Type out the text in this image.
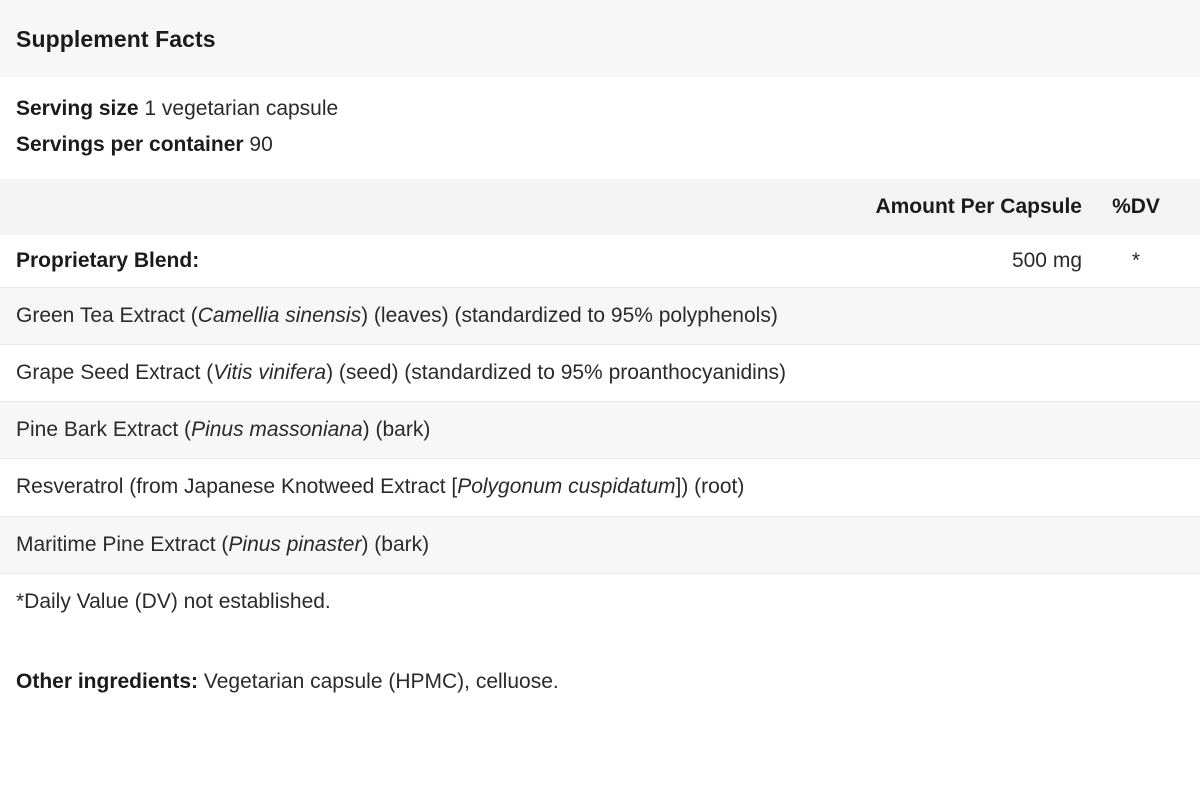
Supplement Facts
Serving size 1 vegetarian capsule
Servings per container 90
Amount Per Capsule	%DV
Proprietary Blend:	500 mg	*
Green Tea Extract (Camellia sinensis) (leaves) (standardized to 95% polyphenols)
Grape Seed Extract (Vitis vinifera) (seed) (standardized to 95% proanthocyanidins)
Pine Bark Extract (Pinus massoniana) (bark)
Resveratrol (from Japanese Knotweed Extract [Polygonum cuspidatum]) (root)
Maritime Pine Extract (Pinus pinaster) (bark)
*Daily Value (DV) not established.
Other ingredients: Vegetarian capsule (HPMC), celluose.
